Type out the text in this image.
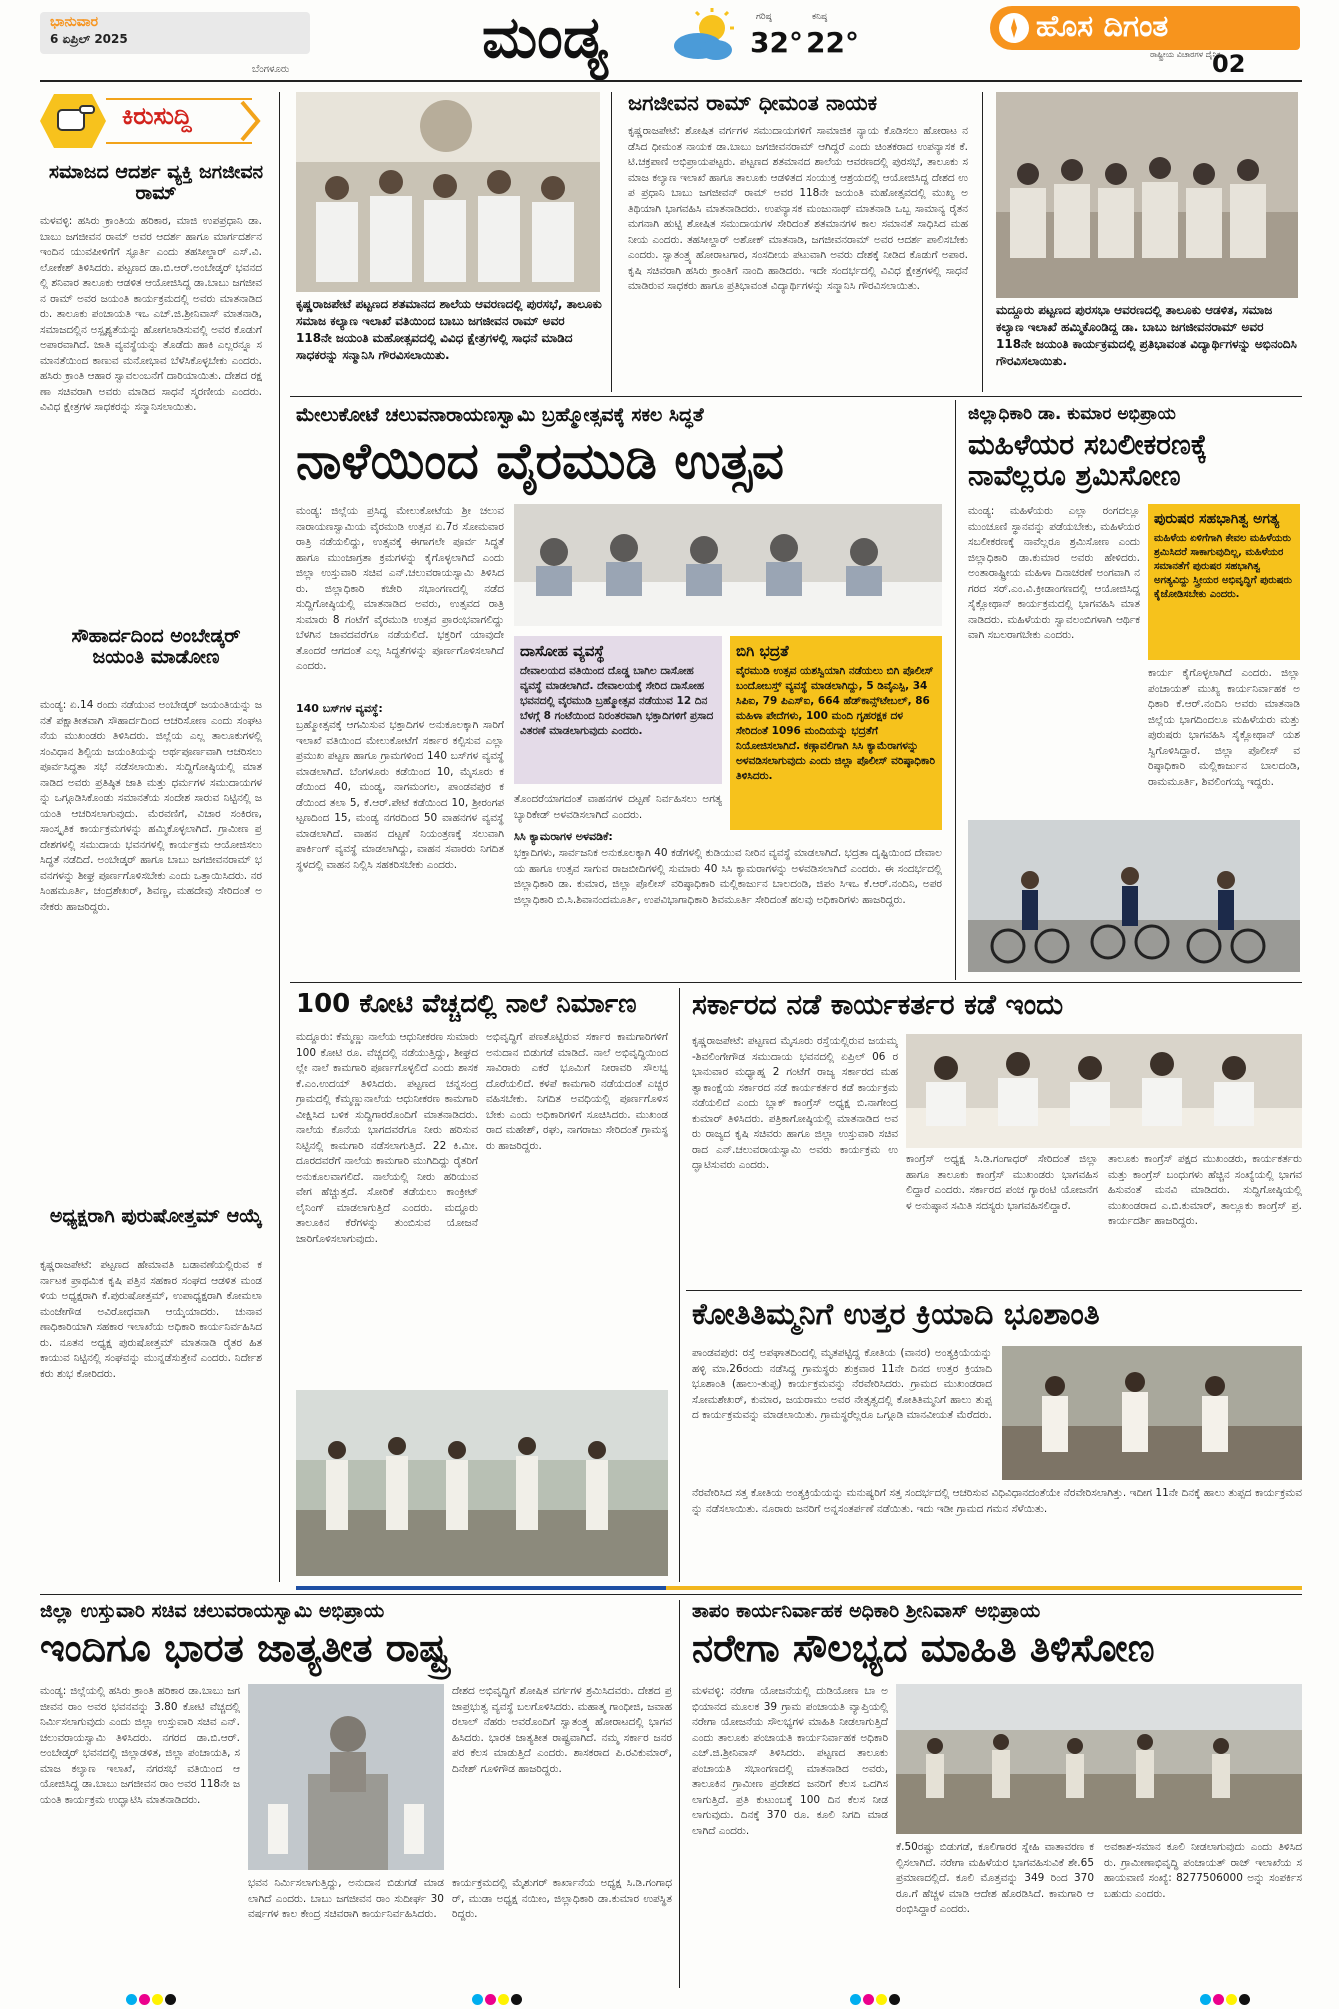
ಭಾನುವಾರ
6 ಏಪ್ರಿಲ್ 2025
ಬೆಂಗಳೂರು	ಮಂಡ್ಯ	ಗರಿಷ್ಠ
32°
ಕನಿಷ್ಠ
22°	ಹೊಸ ದಿಗಂತ
ರಾಷ್ಟ್ರೀಯ ವಿಚಾರಗಳ ದೈನಿಕ
02
ಕಿರುಸುದ್ದಿ
ಸಮಾಜದ ಆದರ್ಶ ವ್ಯಕ್ತಿ ಜಗಜೀವನ ರಾಮ್
ಮಳವಳ್ಳಿ: ಹಸಿರು ಕ್ರಾಂತಿಯ ಹರಿಕಾರ, ಮಾಜಿ ಉಪಪ್ರಧಾನಿ ಡಾ.ಬಾಬು ಜಗಜೀವನ ರಾಮ್ ಅವರ ಆದರ್ಶ ಹಾಗೂ ಮಾರ್ಗದರ್ಶನ ಇಂದಿನ ಯುವಪೀಳಿಗೆಗೆ ಸ್ಫೂರ್ತಿ ಎಂದು ತಹಸೀಲ್ದಾರ್ ಎಸ್.ವಿ.ಲೋಕೇಶ್ ತಿಳಿಸಿದರು. ಪಟ್ಟಣದ ಡಾ.ಬಿ.ಆರ್.ಅಂಬೇಡ್ಕರ್ ಭವನದಲ್ಲಿ ಶನಿವಾರ ತಾಲೂಕು ಆಡಳಿತ ಆಯೋಜಿಸಿದ್ದ ಡಾ.ಬಾಬು ಜಗಜೀವನ ರಾಮ್ ಅವರ ಜಯಂತಿ ಕಾರ್ಯಕ್ರಮದಲ್ಲಿ ಅವರು ಮಾತನಾಡಿದರು. ತಾಲೂಕು ಪಂಚಾಯತಿ ಇಒ ಎಚ್.ಜಿ.ಶ್ರೀನಿವಾಸ್ ಮಾತನಾಡಿ, ಸಮಾಜದಲ್ಲಿನ ಅಸ್ಪೃಶ್ಯತೆಯನ್ನು ಹೋಗಲಾಡಿಸುವಲ್ಲಿ ಅವರ ಕೊಡುಗೆ ಅಪಾರವಾಗಿದೆ. ಜಾತಿ ವ್ಯವಸ್ಥೆಯನ್ನು ತೊಡೆದು ಹಾಕಿ ಎಲ್ಲರನ್ನೂ ಸಮಾನತೆಯಿಂದ ಕಾಣುವ ಮನೋಭಾವ ಬೆಳೆಸಿಕೊಳ್ಳಬೇಕು ಎಂದರು. ಹಸಿರು ಕ್ರಾಂತಿ ಆಹಾರ ಸ್ವಾವಲಂಬನೆಗೆ ದಾರಿಯಾಯಿತು. ದೇಶದ ರಕ್ಷಣಾ ಸಚಿವರಾಗಿ ಅವರು ಮಾಡಿದ ಸಾಧನೆ ಸ್ಮರಣೀಯ ಎಂದರು. ವಿವಿಧ ಕ್ಷೇತ್ರಗಳ ಸಾಧಕರನ್ನು ಸನ್ಮಾನಿಸಲಾಯಿತು.
ಸೌಹಾರ್ದದಿಂದ ಅಂಬೇಡ್ಕರ್ ಜಯಂತಿ ಮಾಡೋಣ
ಮಂಡ್ಯ: ಏ.14 ರಂದು ನಡೆಯುವ ಅಂಬೇಡ್ಕರ್ ಜಯಂತಿಯನ್ನು ಜನತೆ ಪಕ್ಷಾತೀತವಾಗಿ ಸೌಹಾರ್ದದಿಂದ ಆಚರಿಸೋಣ ಎಂದು ಸಂಘಟನೆಯ ಮುಖಂಡರು ತಿಳಿಸಿದರು. ಜಿಲ್ಲೆಯ ಎಲ್ಲ ತಾಲೂಕುಗಳಲ್ಲಿ ಸಂವಿಧಾನ ಶಿಲ್ಪಿಯ ಜಯಂತಿಯನ್ನು ಅರ್ಥಪೂರ್ಣವಾಗಿ ಆಚರಿಸಲು ಪೂರ್ವಸಿದ್ಧತಾ ಸಭೆ ನಡೆಸಲಾಯಿತು. ಸುದ್ದಿಗೋಷ್ಠಿಯಲ್ಲಿ ಮಾತನಾಡಿದ ಅವರು ಪ್ರತಿಷ್ಠಿತ ಜಾತಿ ಮತ್ತು ಧರ್ಮಗಳ ಸಮುದಾಯಗಳನ್ನು ಒಗ್ಗೂಡಿಸಿಕೊಂಡು ಸಮಾನತೆಯ ಸಂದೇಶ ಸಾರುವ ನಿಟ್ಟಿನಲ್ಲಿ ಜಯಂತಿ ಆಚರಿಸಲಾಗುವುದು. ಮೆರವಣಿಗೆ, ವಿಚಾರ ಸಂಕಿರಣ, ಸಾಂಸ್ಕೃತಿಕ ಕಾರ್ಯಕ್ರಮಗಳನ್ನು ಹಮ್ಮಿಕೊಳ್ಳಲಾಗಿದೆ. ಗ್ರಾಮೀಣ ಪ್ರದೇಶಗಳಲ್ಲಿ ಸಮುದಾಯ ಭವನಗಳಲ್ಲಿ ಕಾರ್ಯಕ್ರಮ ಆಯೋಜಿಸಲು ಸಿದ್ಧತೆ ನಡೆದಿದೆ. ಅಂಬೇಡ್ಕರ್ ಹಾಗೂ ಬಾಬು ಜಗಜೀವನರಾಮ್ ಭವನಗಳನ್ನು ಶೀಘ್ರ ಪೂರ್ಣಗೊಳಿಸಬೇಕು ಎಂದು ಒತ್ತಾಯಿಸಿದರು. ನರಸಿಂಹಮೂರ್ತಿ, ಚಂದ್ರಶೇಖರ್, ಶಿವಣ್ಣ, ಮಹದೇವು ಸೇರಿದಂತೆ ಅನೇಕರು ಹಾಜರಿದ್ದರು.
ಅಧ್ಯಕ್ಷರಾಗಿ ಪುರುಷೋತ್ತಮ್ ಆಯ್ಕೆ
ಕೃಷ್ಣರಾಜಪೇಟೆ: ಪಟ್ಟಣದ ಹೇಮಾವತಿ ಬಡಾವಣೆಯಲ್ಲಿರುವ ಕರ್ನಾಟಕ ಪ್ರಾಥಮಿಕ ಕೃಷಿ ಪತ್ತಿನ ಸಹಕಾರ ಸಂಘದ ಆಡಳಿತ ಮಂಡಳಿಯ ಅಧ್ಯಕ್ಷರಾಗಿ ಕೆ.ಪುರುಷೋತ್ತಮ್, ಉಪಾಧ್ಯಕ್ಷರಾಗಿ ಕೋಮಲಾ ಮಂಜೇಗೌಡ ಅವಿರೋಧವಾಗಿ ಆಯ್ಕೆಯಾದರು. ಚುನಾವಣಾಧಿಕಾರಿಯಾಗಿ ಸಹಕಾರ ಇಲಾಖೆಯ ಅಧಿಕಾರಿ ಕಾರ್ಯನಿರ್ವಹಿಸಿದರು. ನೂತನ ಅಧ್ಯಕ್ಷ ಪುರುಷೋತ್ತಮ್ ಮಾತನಾಡಿ ರೈತರ ಹಿತ ಕಾಯುವ ನಿಟ್ಟಿನಲ್ಲಿ ಸಂಘವನ್ನು ಮುನ್ನಡೆಸುತ್ತೇನೆ ಎಂದರು. ನಿರ್ದೇಶಕರು ಶುಭ ಕೋರಿದರು.
ಕೃಷ್ಣರಾಜಪೇಟೆ ಪಟ್ಟಣದ ಶತಮಾನದ ಶಾಲೆಯ ಆವರಣದಲ್ಲಿ ಪುರಸಭೆ, ತಾಲೂಕು ಸಮಾಜ ಕಲ್ಯಾಣ ಇಲಾಖೆ ವತಿಯಿಂದ ಬಾಬು ಜಗಜೀವನ ರಾಮ್ ಅವರ 118ನೇ ಜಯಂತಿ ಮಹೋತ್ಸವದಲ್ಲಿ ವಿವಿಧ ಕ್ಷೇತ್ರಗಳಲ್ಲಿ ಸಾಧನೆ ಮಾಡಿದ ಸಾಧಕರನ್ನು ಸನ್ಮಾನಿಸಿ ಗೌರವಿಸಲಾಯಿತು.
ಜಗಜೀವನ ರಾಮ್ ಧೀಮಂತ ನಾಯಕ
ಕೃಷ್ಣರಾಜಪೇಟೆ: ಶೋಷಿತ ವರ್ಗಗಳ ಸಮುದಾಯಗಳಿಗೆ ಸಾಮಾಜಿಕ ನ್ಯಾಯ ಕೊಡಿಸಲು ಹೋರಾಟ ನಡೆಸಿದ ಧೀಮಂತ ನಾಯಕ ಡಾ.ಬಾಬು ಜಗಜೀವನರಾಮ್ ಆಗಿದ್ದರೆ ಎಂದು ಚಿಂತಕರಾದ ಉಪನ್ಯಾಸಕ ಕೆ.ಟಿ.ಚಕ್ರಪಾಣಿ ಅಭಿಪ್ರಾಯಪಟ್ಟರು. ಪಟ್ಟಣದ ಶತಮಾನದ ಶಾಲೆಯ ಆವರಣದಲ್ಲಿ ಪುರಸಭೆ, ತಾಲೂಕು ಸಮಾಜ ಕಲ್ಯಾಣ ಇಲಾಖೆ ಹಾಗೂ ತಾಲೂಕು ಆಡಳಿತದ ಸಂಯುಕ್ತ ಆಶ್ರಯದಲ್ಲಿ ಆಯೋಜಿಸಿದ್ದ ದೇಶದ ಉಪ ಪ್ರಧಾನಿ ಬಾಬು ಜಗಜೀವನ್ ರಾಮ್ ಅವರ 118ನೇ ಜಯಂತಿ ಮಹೋತ್ಸವದಲ್ಲಿ ಮುಖ್ಯ ಅತಿಥಿಯಾಗಿ ಭಾಗವಹಿಸಿ ಮಾತನಾಡಿದರು. ಉಪನ್ಯಾಸಕ ಮಂಜುನಾಥ್ ಮಾತನಾಡಿ ಒಬ್ಬ ಸಾಮಾನ್ಯ ರೈತನ ಮಗನಾಗಿ ಹುಟ್ಟಿ ಶೋಷಿತ ಸಮುದಾಯಗಳ ಸೇರಿದಂತೆ ಶತಮಾನಗಳ ಕಾಲ ಸಮಾನತೆ ಸಾಧಿಸಿದ ಮಹನೀಯ ಎಂದರು. ತಹಸೀಲ್ದಾರ್ ಅಶೋಕ್ ಮಾತನಾಡಿ, ಜಗಜೀವನರಾಮ್ ಅವರ ಆದರ್ಶ ಪಾಲಿಸಬೇಕು ಎಂದರು. ಸ್ವಾತಂತ್ರ್ಯ ಹೋರಾಟಗಾರ, ಸಂಸದೀಯ ಪಟುವಾಗಿ ಅವರು ದೇಶಕ್ಕೆ ನೀಡಿದ ಕೊಡುಗೆ ಅಪಾರ. ಕೃಷಿ ಸಚಿವರಾಗಿ ಹಸಿರು ಕ್ರಾಂತಿಗೆ ನಾಂದಿ ಹಾಡಿದರು. ಇದೇ ಸಂದರ್ಭದಲ್ಲಿ ವಿವಿಧ ಕ್ಷೇತ್ರಗಳಲ್ಲಿ ಸಾಧನೆ ಮಾಡಿರುವ ಸಾಧಕರು ಹಾಗೂ ಪ್ರತಿಭಾವಂತ ವಿದ್ಯಾರ್ಥಿಗಳನ್ನು ಸನ್ಮಾನಿಸಿ ಗೌರವಿಸಲಾಯಿತು.
ಮದ್ದೂರು ಪಟ್ಟಣದ ಪುರಸಭಾ ಆವರಣದಲ್ಲಿ ತಾಲೂಕು ಆಡಳಿತ, ಸಮಾಜ ಕಲ್ಯಾಣ ಇಲಾಖೆ ಹಮ್ಮಿಕೊಂಡಿದ್ದ ಡಾ. ಬಾಬು ಜಗಜೀವನರಾಮ್ ಅವರ 118ನೇ ಜಯಂತಿ ಕಾರ್ಯಕ್ರಮದಲ್ಲಿ ಪ್ರತಿಭಾವಂತ ವಿದ್ಯಾರ್ಥಿಗಳನ್ನು ಅಭಿನಂದಿಸಿ ಗೌರವಿಸಲಾಯಿತು.
ಮೇಲುಕೋಟೆ ಚಲುವನಾರಾಯಣಸ್ವಾಮಿ ಬ್ರಹ್ಮೋತ್ಸವಕ್ಕೆ ಸಕಲ ಸಿದ್ಧತೆ
ನಾಳೆಯಿಂದ ವೈರಮುಡಿ ಉತ್ಸವ
ಮಂಡ್ಯ: ಜಿಲ್ಲೆಯ ಪ್ರಸಿದ್ಧ ಮೇಲುಕೋಟೆಯ ಶ್ರೀ ಚಲುವನಾರಾಯಣಸ್ವಾಮಿಯ ವೈರಮುಡಿ ಉತ್ಸವ ಏ.7ರ ಸೋಮವಾರ ರಾತ್ರಿ ನಡೆಯಲಿದ್ದು, ಉತ್ಸವಕ್ಕೆ ಈಗಾಗಲೇ ಪೂರ್ವ ಸಿದ್ಧತೆ ಹಾಗೂ ಮುಂಜಾಗ್ರತಾ ಕ್ರಮಗಳನ್ನು ಕೈಗೊಳ್ಳಲಾಗಿದೆ ಎಂದು ಜಿಲ್ಲಾ ಉಸ್ತುವಾರಿ ಸಚಿವ ಎನ್.ಚಲುವರಾಯಸ್ವಾಮಿ ತಿಳಿಸಿದರು. ಜಿಲ್ಲಾಧಿಕಾರಿ ಕಚೇರಿ ಸಭಾಂಗಣದಲ್ಲಿ ನಡೆದ ಸುದ್ದಿಗೋಷ್ಠಿಯಲ್ಲಿ ಮಾತನಾಡಿದ ಅವರು, ಉತ್ಸವದ ರಾತ್ರಿ ಸುಮಾರು 8 ಗಂಟೆಗೆ ವೈರಮುಡಿ ಉತ್ಸವ ಪ್ರಾರಂಭವಾಗಲಿದ್ದು ಬೆಳಗಿನ ಜಾವದವರೆಗೂ ನಡೆಯಲಿದೆ. ಭಕ್ತರಿಗೆ ಯಾವುದೇ ತೊಂದರೆ ಆಗದಂತೆ ಎಲ್ಲ ಸಿದ್ಧತೆಗಳನ್ನು ಪೂರ್ಣಗೊಳಿಸಲಾಗಿದೆ ಎಂದರು.
140 ಬಸ್‌ಗಳ ವ್ಯವಸ್ಥೆ:
ಬ್ರಹ್ಮೋತ್ಸವಕ್ಕೆ ಆಗಮಿಸುವ ಭಕ್ತಾದಿಗಳ ಅನುಕೂಲಕ್ಕಾಗಿ ಸಾರಿಗೆ ಇಲಾಖೆ ವತಿಯಿಂದ ಮೇಲುಕೋಟೆಗೆ ಸರ್ಕಾರ ಕಲ್ಪಿಸುವ ಎಲ್ಲಾ ಪ್ರಮುಖ ಪಟ್ಟಣ ಹಾಗೂ ಗ್ರಾಮಗಳಿಂದ 140 ಬಸ್‌ಗಳ ವ್ಯವಸ್ಥೆ ಮಾಡಲಾಗಿದೆ. ಬೆಂಗಳೂರು ಕಡೆಯಿಂದ 10, ಮೈಸೂರು ಕಡೆಯಿಂದ 40, ಮಂಡ್ಯ, ನಾಗಮಂಗಲ, ಪಾಂಡವಪುರ ಕಡೆಯಿಂದ ತಲಾ 5, ಕೆ.ಆರ್.ಪೇಟೆ ಕಡೆಯಿಂದ 10, ಶ್ರೀರಂಗಪಟ್ಟಣದಿಂದ 15, ಮಂಡ್ಯ ನಗರದಿಂದ 50 ವಾಹನಗಳ ವ್ಯವಸ್ಥೆ ಮಾಡಲಾಗಿದೆ. ವಾಹನ ದಟ್ಟಣೆ ನಿಯಂತ್ರಣಕ್ಕೆ ಸಲುವಾಗಿ ಪಾರ್ಕಿಂಗ್ ವ್ಯವಸ್ಥೆ ಮಾಡಲಾಗಿದ್ದು, ವಾಹನ ಸವಾರರು ನಿಗದಿತ ಸ್ಥಳದಲ್ಲಿ ವಾಹನ ನಿಲ್ಲಿಸಿ ಸಹಕರಿಸಬೇಕು ಎಂದರು.
ದಾಸೋಹ ವ್ಯವಸ್ಥೆ
ದೇವಾಲಯದ ವತಿಯಿಂದ ದೊಡ್ಡ ಬಾಗಿಲ ದಾಸೋಹ ವ್ಯವಸ್ಥೆ ಮಾಡಲಾಗಿದೆ. ದೇವಾಲಯಕ್ಕೆ ಸೇರಿದ ದಾಸೋಹ ಭವನದಲ್ಲಿ ವೈರಮುಡಿ ಬ್ರಹ್ಮೋತ್ಸವ ನಡೆಯುವ 12 ದಿನ ಬೆಳಗ್ಗೆ 8 ಗಂಟೆಯಿಂದ ನಿರಂತರವಾಗಿ ಭಕ್ತಾದಿಗಳಿಗೆ ಪ್ರಸಾದ ವಿತರಣೆ ಮಾಡಲಾಗುವುದು ಎಂದರು.
ಬಿಗಿ ಭದ್ರತೆ
ವೈರಮುಡಿ ಉತ್ಸವ ಯಶಸ್ವಿಯಾಗಿ ನಡೆಯಲು ಬಿಗಿ ಪೊಲೀಸ್ ಬಂದೋಬಸ್ತ್ ವ್ಯವಸ್ಥೆ ಮಾಡಲಾಗಿದ್ದು, 5 ಡಿವೈಎಸ್ಪಿ, 34 ಸಿಪಿಐ, 79 ಪಿಎಸ್ಐ, 664 ಹೆಡ್‌ಕಾನ್ಸ್‌ಟೇಬಲ್, 86 ಮಹಿಳಾ ಪೇದೆಗಳು, 100 ಮಂದಿ ಗೃಹರಕ್ಷಕ ದಳ ಸೇರಿದಂತೆ 1096 ಮಂದಿಯನ್ನು ಭದ್ರತೆಗೆ ನಿಯೋಜಿಸಲಾಗಿದೆ. ಕಣ್ಗಾವಲಿಗಾಗಿ ಸಿಸಿ ಕ್ಯಾಮೆರಾಗಳನ್ನು ಅಳವಡಿಸಲಾಗುವುದು ಎಂದು ಜಿಲ್ಲಾ ಪೊಲೀಸ್ ವರಿಷ್ಠಾಧಿಕಾರಿ ತಿಳಿಸಿದರು.
ತೊಂದರೆಯಾಗದಂತೆ ವಾಹನಗಳ ದಟ್ಟಣೆ ನಿರ್ವಹಿಸಲು ಅಗತ್ಯ ಬ್ಯಾರಿಕೇಡ್ ಅಳವಡಿಸಲಾಗಿದೆ ಎಂದರು.
ಸಿಸಿ ಕ್ಯಾಮರಾಗಳ ಅಳವಡಿಕೆ:
ಭಕ್ತಾದಿಗಳು, ಸಾರ್ವಜನಿಕ ಅನುಕೂಲಕ್ಕಾಗಿ 40 ಕಡೆಗಳಲ್ಲಿ ಕುಡಿಯುವ ನೀರಿನ ವ್ಯವಸ್ಥೆ ಮಾಡಲಾಗಿದೆ. ಭದ್ರತಾ ದೃಷ್ಟಿಯಿಂದ ದೇವಾಲಯ ಹಾಗೂ ಉತ್ಸವ ಸಾಗುವ ರಾಜಬೀದಿಗಳಲ್ಲಿ ಸುಮಾರು 40 ಸಿಸಿ ಕ್ಯಾಮರಾಗಳನ್ನು ಅಳವಡಿಸಲಾಗಿದೆ ಎಂದರು. ಈ ಸಂದರ್ಭದಲ್ಲಿ ಜಿಲ್ಲಾಧಿಕಾರಿ ಡಾ. ಕುಮಾರ, ಜಿಲ್ಲಾ ಪೊಲೀಸ್ ವರಿಷ್ಠಾಧಿಕಾರಿ ಮಲ್ಲಿಕಾರ್ಜುನ ಬಾಲದಂಡಿ, ಜಿಪಂ ಸಿಇಒ ಕೆ.ಆರ್.ನಂದಿನಿ, ಅಪರ ಜಿಲ್ಲಾಧಿಕಾರಿ ಬಿ.ಸಿ.ಶಿವಾನಂದಮೂರ್ತಿ, ಉಪವಿಭಾಗಾಧಿಕಾರಿ ಶಿವಮೂರ್ತಿ ಸೇರಿದಂತೆ ಹಲವು ಅಧಿಕಾರಿಗಳು ಹಾಜರಿದ್ದರು.
ಜಿಲ್ಲಾಧಿಕಾರಿ ಡಾ. ಕುಮಾರ ಅಭಿಪ್ರಾಯ
ಮಹಿಳೆಯರ ಸಬಲೀಕರಣಕ್ಕೆ ನಾವೆಲ್ಲರೂ ಶ್ರಮಿಸೋಣ
ಮಂಡ್ಯ: ಮಹಿಳೆಯರು ಎಲ್ಲಾ ರಂಗದಲ್ಲೂ ಮುಂಚೂಣಿ ಸ್ಥಾನವನ್ನು ಪಡೆಯಬೇಕು, ಮಹಿಳೆಯರ ಸಬಲೀಕರಣಕ್ಕೆ ನಾವೆಲ್ಲರೂ ಶ್ರಮಿಸೋಣ ಎಂದು ಜಿಲ್ಲಾಧಿಕಾರಿ ಡಾ.ಕುಮಾರ ಅವರು ಹೇಳಿದರು. ಅಂತಾರಾಷ್ಟ್ರೀಯ ಮಹಿಳಾ ದಿನಾಚರಣೆ ಅಂಗವಾಗಿ ನಗರದ ಸರ್.ಎಂ.ವಿ.ಕ್ರೀಡಾಂಗಣದಲ್ಲಿ ಆಯೋಜಿಸಿದ್ದ ಸೈಕ್ಲೋಥಾನ್ ಕಾರ್ಯಕ್ರಮದಲ್ಲಿ ಭಾಗವಹಿಸಿ ಮಾತನಾಡಿದರು. ಮಹಿಳೆಯರು ಸ್ವಾವಲಂಬಿಗಳಾಗಿ ಆರ್ಥಿಕವಾಗಿ ಸಬಲರಾಗಬೇಕು ಎಂದರು.
ಪುರುಷರ ಸಹಭಾಗಿತ್ವ ಅಗತ್ಯ
ಮಹಿಳೆಯ ಏಳಿಗೆಗಾಗಿ ಕೇವಲ ಮಹಿಳೆಯರು ಶ್ರಮಿಸಿದರೆ ಸಾಕಾಗುವುದಿಲ್ಲ, ಮಹಿಳೆಯರ ಸಮಾನತೆಗೆ ಪುರುಷರ ಸಹಭಾಗಿತ್ವ ಅಗತ್ಯವಿದ್ದು ಸ್ತ್ರೀಯರ ಅಭಿವೃದ್ಧಿಗೆ ಪುರುಷರು ಕೈಜೋಡಿಸಬೇಕು ಎಂದರು.
ಕಾರ್ಯ ಕೈಗೊಳ್ಳಲಾಗಿದೆ ಎಂದರು. ಜಿಲ್ಲಾ ಪಂಚಾಯತ್ ಮುಖ್ಯ ಕಾರ್ಯನಿರ್ವಾಹಕ ಅಧಿಕಾರಿ ಕೆ.ಆರ್.ನಂದಿನಿ ಅವರು ಮಾತನಾಡಿ ಜಿಲ್ಲೆಯ ಭಾಗದಿಂದಲೂ ಮಹಿಳೆಯರು ಮತ್ತು ಪುರುಷರು ಭಾಗವಹಿಸಿ ಸೈಕ್ಲೋಥಾನ್ ಯಶಸ್ವಿಗೊಳಿಸಿದ್ದಾರೆ. ಜಿಲ್ಲಾ ಪೊಲೀಸ್ ವರಿಷ್ಠಾಧಿಕಾರಿ ಮಲ್ಲಿಕಾರ್ಜುನ ಬಾಲದಂಡಿ, ರಾಮಮೂರ್ತಿ, ಶಿವಲಿಂಗಯ್ಯ ಇದ್ದರು.
100 ಕೋಟಿ ವೆಚ್ಚದಲ್ಲಿ ನಾಲೆ ನಿರ್ಮಾಣ
ಮದ್ದೂರು: ಕೆಮ್ಮಣ್ಣು ನಾಲೆಯ ಆಧುನೀಕರಣ ಸುಮಾರು 100 ಕೋಟಿ ರೂ. ವೆಚ್ಚದಲ್ಲಿ ನಡೆಯುತ್ತಿದ್ದು, ಶೀಘ್ರದಲ್ಲೇ ನಾಲೆ ಕಾಮಗಾರಿ ಪೂರ್ಣಗೊಳ್ಳಲಿದೆ ಎಂದು ಶಾಸಕ ಕೆ.ಎಂ.ಉದಯ್ ತಿಳಿಸಿದರು. ಪಟ್ಟಣದ ಚನ್ನಸಂದ್ರ ಗ್ರಾಮದಲ್ಲಿ ಕೆಮ್ಮಣ್ಣುನಾಲೆಯ ಆಧುನೀಕರಣ ಕಾಮಗಾರಿ ವೀಕ್ಷಿಸಿದ ಬಳಿಕ ಸುದ್ದಿಗಾರರೊಂದಿಗೆ ಮಾತನಾಡಿದರು. ನಾಲೆಯ ಕೊನೆಯ ಭಾಗದವರೆಗೂ ನೀರು ಹರಿಸುವ ನಿಟ್ಟಿನಲ್ಲಿ ಕಾಮಗಾರಿ ನಡೆಸಲಾಗುತ್ತಿದೆ. 22 ಕಿ.ಮೀ.ದೂರದವರೆಗೆ ನಾಲೆಯ ಕಾಮಗಾರಿ ಮುಗಿದಿದ್ದು ರೈತರಿಗೆ ಅನುಕೂಲವಾಗಲಿದೆ. ನಾಲೆಯಲ್ಲಿ ನೀರು ಹರಿಯುವ ವೇಗ ಹೆಚ್ಚುತ್ತದೆ. ಸೋರಿಕೆ ತಡೆಯಲು ಕಾಂಕ್ರೀಟ್ ಲೈನಿಂಗ್ ಮಾಡಲಾಗುತ್ತಿದೆ ಎಂದರು. ಮದ್ದೂರು ತಾಲೂಕಿನ ಕೆರೆಗಳನ್ನು ತುಂಬಿಸುವ ಯೋಜನೆ ಜಾರಿಗೊಳಿಸಲಾಗುವುದು.
ಅಭಿವೃದ್ಧಿಗೆ ಪಣತೊಟ್ಟಿರುವ ಸರ್ಕಾರ ಕಾಮಗಾರಿಗಳಿಗೆ ಅನುದಾನ ಬಿಡುಗಡೆ ಮಾಡಿದೆ. ನಾಲೆ ಅಭಿವೃದ್ಧಿಯಿಂದ ಸಾವಿರಾರು ಎಕರೆ ಭೂಮಿಗೆ ನೀರಾವರಿ ಸೌಲಭ್ಯ ದೊರೆಯಲಿದೆ. ಕಳಪೆ ಕಾಮಗಾರಿ ನಡೆಯದಂತೆ ಎಚ್ಚರ ವಹಿಸಬೇಕು. ನಿಗದಿತ ಅವಧಿಯಲ್ಲಿ ಪೂರ್ಣಗೊಳಿಸಬೇಕು ಎಂದು ಅಧಿಕಾರಿಗಳಿಗೆ ಸೂಚಿಸಿದರು. ಮುಖಂಡರಾದ ಮಹೇಶ್, ರಘು, ನಾಗರಾಜು ಸೇರಿದಂತೆ ಗ್ರಾಮಸ್ಥರು ಹಾಜರಿದ್ದರು.
ಸರ್ಕಾರದ ನಡೆ ಕಾರ್ಯಕರ್ತರ ಕಡೆ ಇಂದು
ಕೃಷ್ಣರಾಜಪೇಟೆ: ಪಟ್ಟಣದ ಮೈಸೂರು ರಸ್ತೆಯಲ್ಲಿರುವ ಜಯಮ್ಮ-ಶಿವಲಿಂಗೇಗೌಡ ಸಮುದಾಯ ಭವನದಲ್ಲಿ ಏಪ್ರಿಲ್ 06 ರ ಭಾನುವಾರ ಮಧ್ಯಾಹ್ನ 2 ಗಂಟೆಗೆ ರಾಜ್ಯ ಸರ್ಕಾರದ ಮಹತ್ವಾಕಾಂಕ್ಷೆಯ ಸರ್ಕಾರದ ನಡೆ ಕಾರ್ಯಕರ್ತರ ಕಡೆ ಕಾರ್ಯಕ್ರಮ ನಡೆಯಲಿದೆ ಎಂದು ಬ್ಲಾಕ್ ಕಾಂಗ್ರೆಸ್ ಅಧ್ಯಕ್ಷ ಬಿ.ನಾಗೇಂದ್ರಕುಮಾರ್ ತಿಳಿಸಿದರು. ಪತ್ರಿಕಾಗೋಷ್ಠಿಯಲ್ಲಿ ಮಾತನಾಡಿದ ಅವರು ರಾಜ್ಯದ ಕೃಷಿ ಸಚಿವರು ಹಾಗೂ ಜಿಲ್ಲಾ ಉಸ್ತುವಾರಿ ಸಚಿವರಾದ ಎನ್.ಚಲುವರಾಯಸ್ವಾಮಿ ಅವರು ಕಾರ್ಯಕ್ರಮ ಉದ್ಘಾಟಿಸುವರು ಎಂದರು.	ಕಾಂಗ್ರೆಸ್ ಅಧ್ಯಕ್ಷ ಸಿ.ಡಿ.ಗಂಗಾಧರ್ ಸೇರಿದಂತೆ ಜಿಲ್ಲಾ ಹಾಗೂ ತಾಲೂಕು ಕಾಂಗ್ರೆಸ್ ಮುಖಂಡರು ಭಾಗವಹಿಸಲಿದ್ದಾರೆ ಎಂದರು. ಸರ್ಕಾರದ ಪಂಚ ಗ್ಯಾರಂಟಿ ಯೋಜನೆಗಳ ಅನುಷ್ಠಾನ ಸಮಿತಿ ಸದಸ್ಯರು ಭಾಗವಹಿಸಲಿದ್ದಾರೆ.
ತಾಲೂಕು ಕಾಂಗ್ರೆಸ್ ಪಕ್ಷದ ಮುಖಂಡರು, ಕಾರ್ಯಕರ್ತರು ಮತ್ತು ಕಾಂಗ್ರೆಸ್ ಬಂಧುಗಳು ಹೆಚ್ಚಿನ ಸಂಖ್ಯೆಯಲ್ಲಿ ಭಾಗವಹಿಸುವಂತೆ ಮನವಿ ಮಾಡಿದರು. ಸುದ್ದಿಗೋಷ್ಠಿಯಲ್ಲಿ ಮುಖಂಡರಾದ ಎ.ಬಿ.ಕುಮಾರ್, ತಾಲ್ಲೂಕು ಕಾಂಗ್ರೆಸ್ ಪ್ರ.ಕಾರ್ಯದರ್ಶಿ ಹಾಜರಿದ್ದರು.
ಕೋತಿತಿಮ್ಮನಿಗೆ ಉತ್ತರ ಕ್ರಿಯಾದಿ ಭೂಶಾಂತಿ
ಪಾಂಡವಪುರ: ರಸ್ತೆ ಅಪಘಾತದಿಂದಲ್ಲಿ ಮೃತಪಟ್ಟಿದ್ದ ಕೋತಿಯ (ವಾನರ) ಅಂತ್ಯಕ್ರಿಯೆಯನ್ನು ಹಳ್ಳಿ ಮಾ.26ರಂದು ನಡೆಸಿದ್ದ ಗ್ರಾಮಸ್ಥರು ಶುಕ್ರವಾರ 11ನೇ ದಿನದ ಉತ್ತರ ಕ್ರಿಯಾದಿ ಭೂಶಾಂತಿ (ಹಾಲು-ತುಪ್ಪ) ಕಾರ್ಯಕ್ರಮವನ್ನು ನೆರವೇರಿಸಿದರು. ಗ್ರಾಮದ ಮುಖಂಡರಾದ ಸೋಮಶೇಖರ್, ಕುಮಾರ, ಜಯರಾಮು ಅವರ ನೇತೃತ್ವದಲ್ಲಿ ಕೋತಿತಿಮ್ಮನಿಗೆ ಹಾಲು ತುಪ್ಪದ ಕಾರ್ಯಕ್ರಮವನ್ನು ಮಾಡಲಾಯಿತು. ಗ್ರಾಮಸ್ಥರೆಲ್ಲರೂ ಒಗ್ಗೂಡಿ ಮಾನವೀಯತೆ ಮೆರೆದರು.
ನೆರವೇರಿಸಿದ ಸತ್ತ ಕೋತಿಯ ಅಂತ್ಯಕ್ರಿಯೆಯನ್ನು ಮನುಷ್ಯರಿಗೆ ಸತ್ತ ಸಂದರ್ಭದಲ್ಲಿ ಆಚರಿಸುವ ವಿಧಿವಿಧಾನದಂತೆಯೇ ನೆರವೇರಿಸಲಾಗಿತ್ತು. ಇದೀಗ 11ನೇ ದಿನಕ್ಕೆ ಹಾಲು ತುಪ್ಪದ ಕಾರ್ಯಕ್ರಮವನ್ನು ನಡೆಸಲಾಯಿತು. ನೂರಾರು ಜನರಿಗೆ ಅನ್ನಸಂತರ್ಪಣೆ ನಡೆಯಿತು. ಇದು ಇಡೀ ಗ್ರಾಮದ ಗಮನ ಸೆಳೆಯಿತು.
ಜಿಲ್ಲಾ ಉಸ್ತುವಾರಿ ಸಚಿವ ಚಲುವರಾಯಸ್ವಾಮಿ ಅಭಿಪ್ರಾಯ
ಇಂದಿಗೂ ಭಾರತ ಜಾತ್ಯತೀತ ರಾಷ್ಟ್ರ
ಮಂಡ್ಯ: ಜಿಲ್ಲೆಯಲ್ಲಿ ಹಸಿರು ಕ್ರಾಂತಿ ಹರಿಕಾರ ಡಾ.ಬಾಬು ಜಗಜೀವನ ರಾಂ ಅವರ ಭವನವನ್ನು 3.80 ಕೋಟಿ ವೆಚ್ಚದಲ್ಲಿ ನಿರ್ಮಿಸಲಾಗುವುದು ಎಂದು ಜಿಲ್ಲಾ ಉಸ್ತುವಾರಿ ಸಚಿವ ಎನ್.ಚಲುವರಾಯಸ್ವಾಮಿ ತಿಳಿಸಿದರು. ನಗರದ ಡಾ.ಬಿ.ಆರ್.ಅಂಬೇಡ್ಕರ್ ಭವನದಲ್ಲಿ ಜಿಲ್ಲಾಡಳಿತ, ಜಿಲ್ಲಾ ಪಂಚಾಯತಿ, ಸಮಾಜ ಕಲ್ಯಾಣ ಇಲಾಖೆ, ನಗರಸಭೆ ವತಿಯಿಂದ ಆಯೋಜಿಸಿದ್ದ ಡಾ.ಬಾಬು ಜಗಜೀವನ ರಾಂ ಅವರ 118ನೇ ಜಯಂತಿ ಕಾರ್ಯಕ್ರಮ ಉದ್ಘಾಟಿಸಿ ಮಾತನಾಡಿದರು.
ದೇಶದ ಅಭಿವೃದ್ಧಿಗೆ ಶೋಷಿತ ವರ್ಗಗಳ ಶ್ರಮಿಸಿದವರು. ದೇಶದ ಪ್ರಜಾಪ್ರಭುತ್ವ ವ್ಯವಸ್ಥೆ ಬಲಗೊಳಿಸಿದರು. ಮಹಾತ್ಮ ಗಾಂಧೀಜಿ, ಜವಾಹರಲಾಲ್ ನೆಹರು ಅವರೊಂದಿಗೆ ಸ್ವಾತಂತ್ರ್ಯ ಹೋರಾಟದಲ್ಲಿ ಭಾಗವಹಿಸಿದರು. ಭಾರತ ಜಾತ್ಯತೀತ ರಾಷ್ಟ್ರವಾಗಿದೆ. ನಮ್ಮ ಸರ್ಕಾರ ಜನರ ಪರ ಕೆಲಸ ಮಾಡುತ್ತಿದೆ ಎಂದರು. ಶಾಸಕರಾದ ಪಿ.ರವಿಕುಮಾರ್, ದಿನೇಶ್ ಗೂಳಿಗೌಡ ಹಾಜರಿದ್ದರು.
ಭವನ ನಿರ್ಮಿಸಲಾಗುತ್ತಿದ್ದು, ಅನುದಾನ ಬಿಡುಗಡೆ ಮಾಡಲಾಗಿದೆ ಎಂದರು. ಬಾಬು ಜಗಜೀವನ ರಾಂ ಸುದೀರ್ಘ 30 ವರ್ಷಗಳ ಕಾಲ ಕೇಂದ್ರ ಸಚಿವರಾಗಿ ಕಾರ್ಯನಿರ್ವಹಿಸಿದರು.
ಕಾರ್ಯಕ್ರಮದಲ್ಲಿ ಮೈಶುಗರ್ ಕಾರ್ಖಾನೆಯ ಅಧ್ಯಕ್ಷ ಸಿ.ಡಿ.ಗಂಗಾಧರ್, ಮುಡಾ ಅಧ್ಯಕ್ಷ ನಯೀಂ, ಜಿಲ್ಲಾಧಿಕಾರಿ ಡಾ.ಕುಮಾರ ಉಪಸ್ಥಿತರಿದ್ದರು.
ತಾಪಂ ಕಾರ್ಯನಿರ್ವಾಹಕ ಅಧಿಕಾರಿ ಶ್ರೀನಿವಾಸ್ ಅಭಿಪ್ರಾಯ
ನರೇಗಾ ಸೌಲಭ್ಯದ ಮಾಹಿತಿ ತಿಳಿಸೋಣ
ಮಳವಳ್ಳಿ: ನರೇಗಾ ಯೋಜನೆಯಲ್ಲಿ ದುಡಿಯೋಣ ಬಾ ಅಭಿಯಾನದ ಮೂಲಕ 39 ಗ್ರಾಮ ಪಂಚಾಯತಿ ವ್ಯಾಪ್ತಿಯಲ್ಲಿ ನರೇಗಾ ಯೋಜನೆಯ ಸೌಲಭ್ಯಗಳ ಮಾಹಿತಿ ನೀಡಲಾಗುತ್ತಿದೆ ಎಂದು ತಾಲೂಕು ಪಂಚಾಯತಿ ಕಾರ್ಯನಿರ್ವಾಹಕ ಅಧಿಕಾರಿ ಎಚ್.ಜಿ.ಶ್ರೀನಿವಾಸ್ ತಿಳಿಸಿದರು. ಪಟ್ಟಣದ ತಾಲೂಕು ಪಂಚಾಯತಿ ಸಭಾಂಗಣದಲ್ಲಿ ಮಾತನಾಡಿದ ಅವರು, ತಾಲೂಕಿನ ಗ್ರಾಮೀಣ ಪ್ರದೇಶದ ಜನರಿಗೆ ಕೆಲಸ ಒದಗಿಸಲಾಗುತ್ತಿದೆ. ಪ್ರತಿ ಕುಟುಂಬಕ್ಕೆ 100 ದಿನ ಕೆಲಸ ನೀಡಲಾಗುವುದು. ದಿನಕ್ಕೆ 370 ರೂ. ಕೂಲಿ ನಿಗದಿ ಮಾಡಲಾಗಿದೆ ಎಂದರು.
ಕೆ.50ರಷ್ಟು ಬಿಡುಗಡೆ, ಕೂಲಿಗಾರರ ಸ್ನೇಹಿ ವಾತಾವರಣ ಕಲ್ಪಿಸಲಾಗಿದೆ. ನರೇಗಾ ಮಹಿಳೆಯರ ಭಾಗವಹಿಸುವಿಕೆ ಶೇ.65 ಪ್ರಮಾಣದಲ್ಲಿದೆ. ಕೂಲಿ ಮೊತ್ತವನ್ನು 349 ರಿಂದ 370ರೂ.ಗೆ ಹೆಚ್ಚಳ ಮಾಡಿ ಆದೇಶ ಹೊರಡಿಸಿದೆ. ಕಾಮಗಾರಿ ಆರಂಭಿಸಿದ್ದಾರೆ ಎಂದರು.
ಅವಕಾಶ-ಸಮಾನ ಕೂಲಿ ನೀಡಲಾಗುವುದು ಎಂದು ತಿಳಿಸಿದರು. ಗ್ರಾಮೀಣಾಭಿವೃದ್ಧಿ ಪಂಚಾಯತ್ ರಾಜ್ ಇಲಾಖೆಯ ಸಹಾಯವಾಣಿ ಸಂಖ್ಯೆ: 8277506000 ಅನ್ನು ಸಂಪರ್ಕಿಸಬಹುದು ಎಂದರು.
